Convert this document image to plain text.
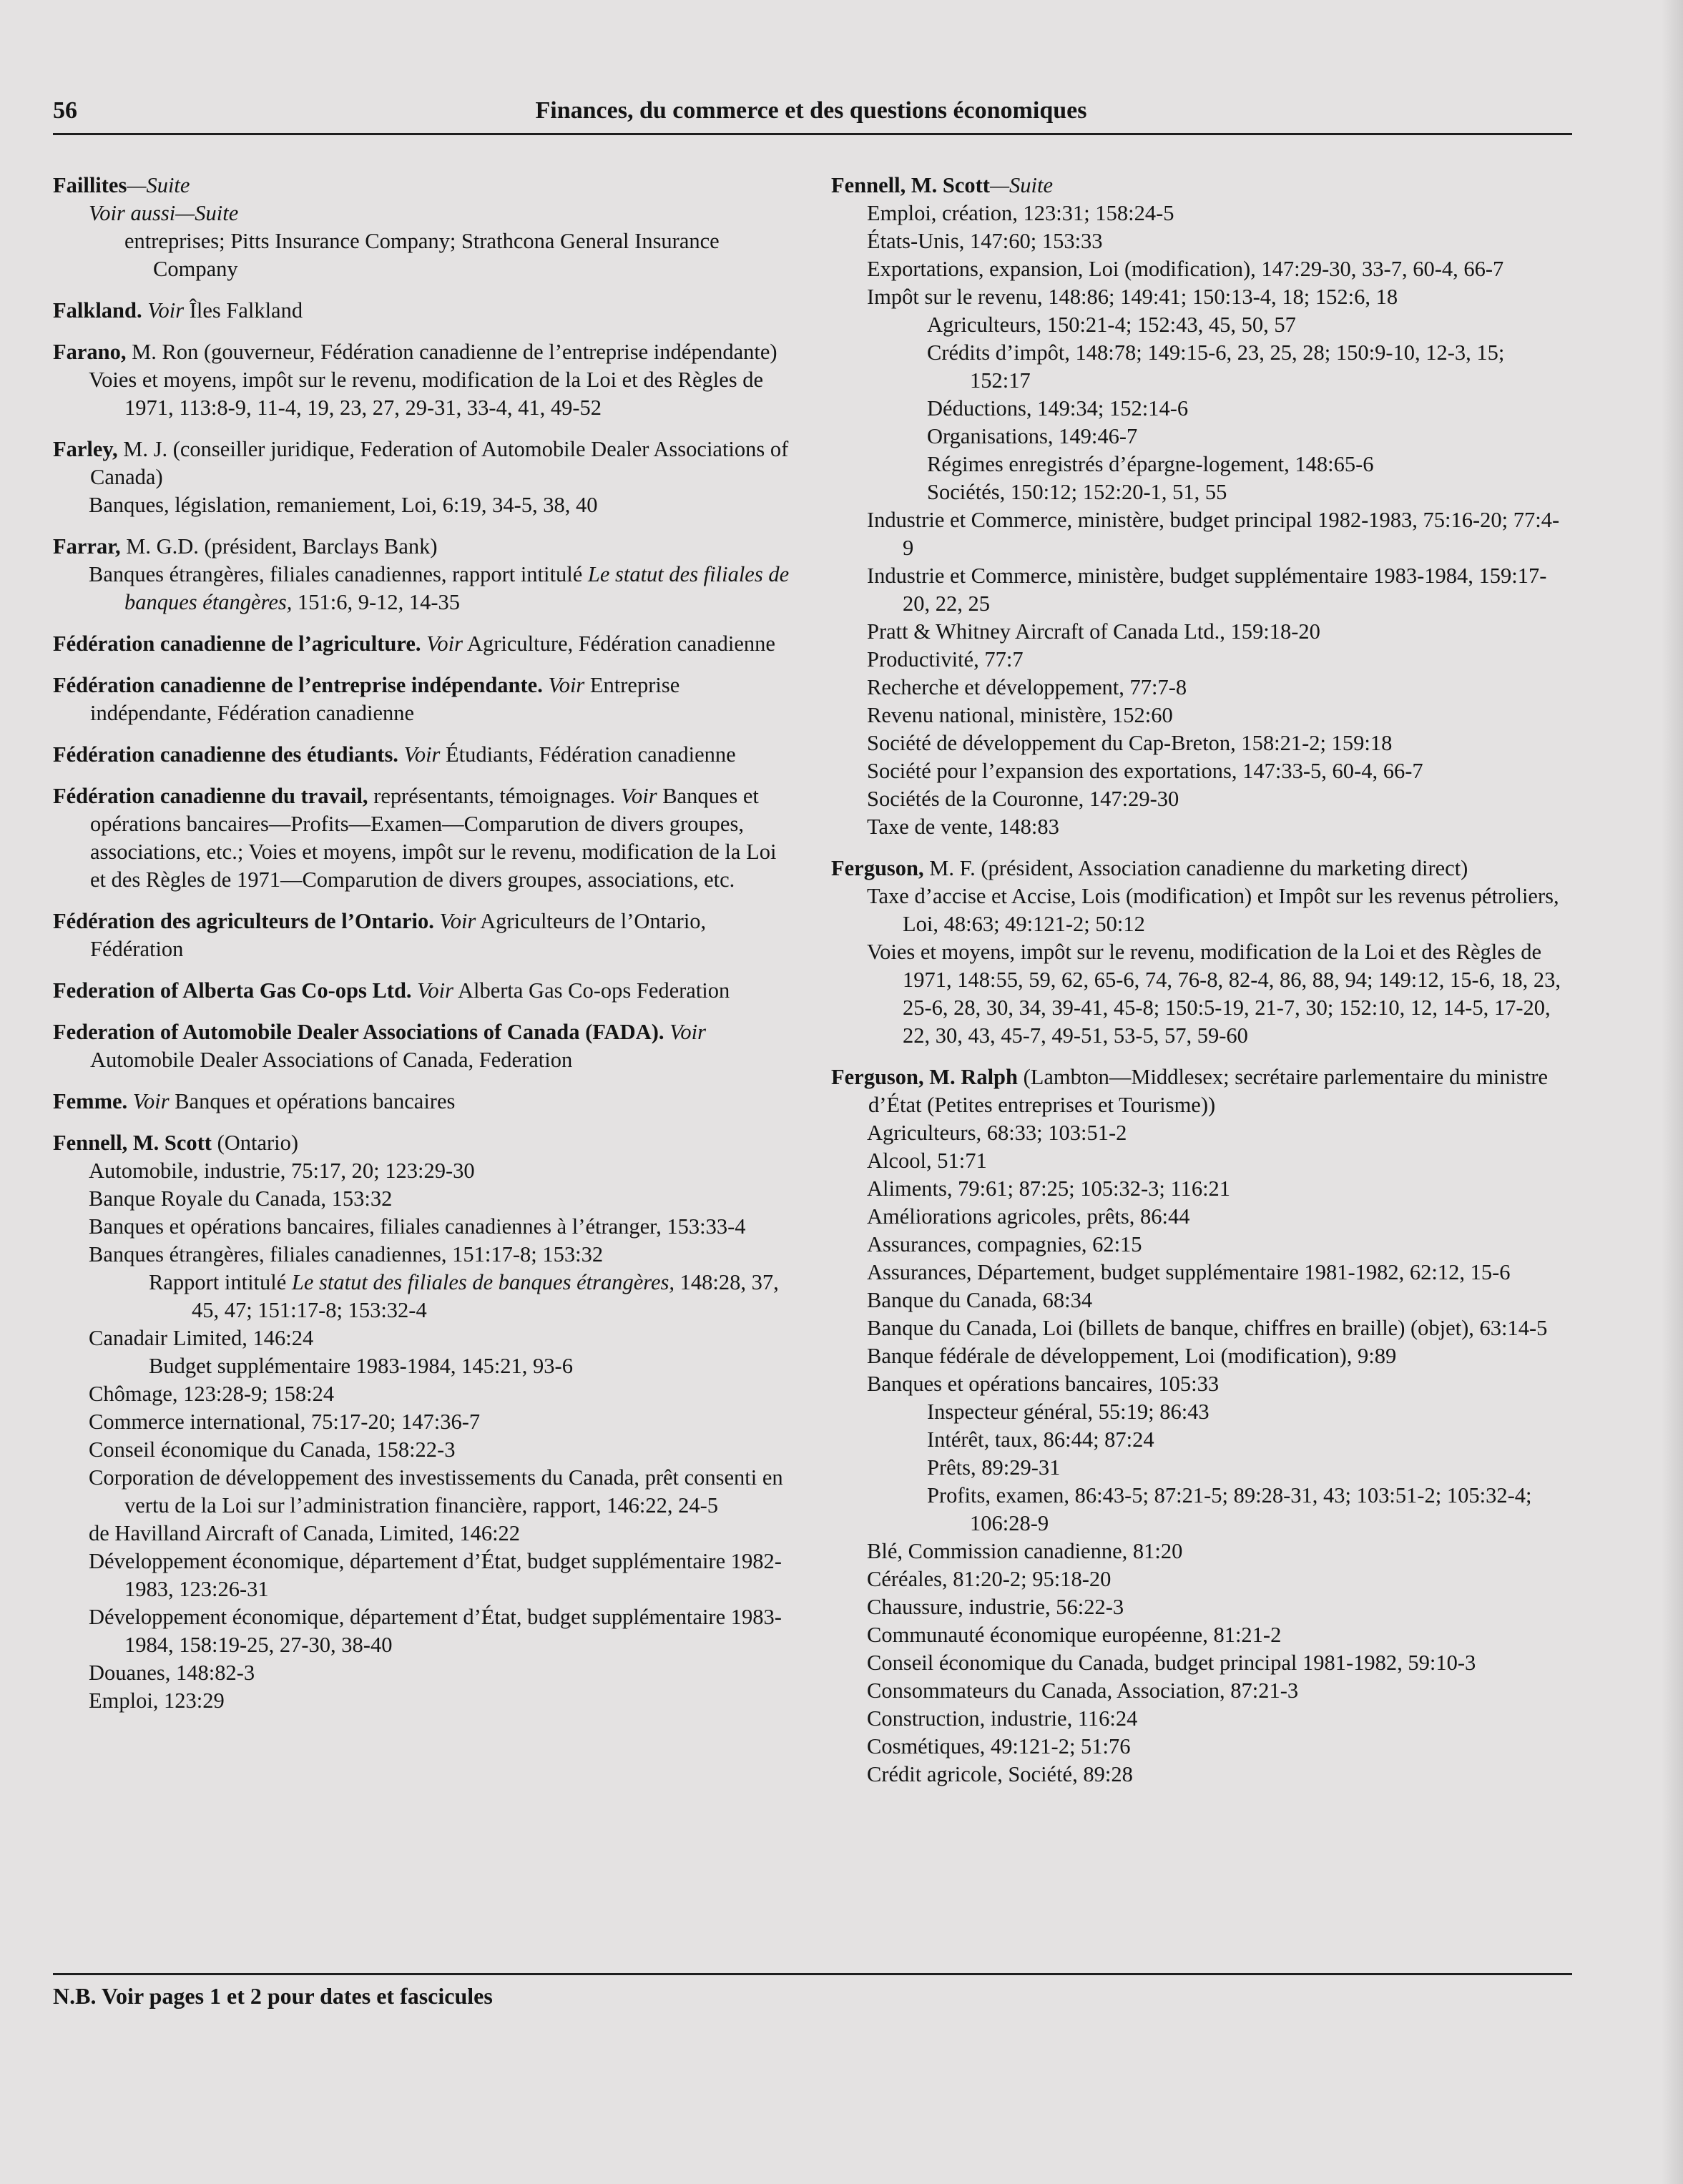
56	Finances, du commerce et des questions économiques
Faillites—Suite
Voir aussi—Suite
entreprises; Pitts Insurance Company; Strathcona General Insurance Company
Falkland. Voir Îles Falkland
Farano, M. Ron (gouverneur, Fédération canadienne de l’entreprise indépendante)
Voies et moyens, impôt sur le revenu, modification de la Loi et des Règles de 1971, 113:8-9, 11-4, 19, 23, 27, 29-31, 33-4, 41, 49-52
Farley, M. J. (conseiller juridique, Federation of Automobile Dealer Associations of Canada)
Banques, législation, remaniement, Loi, 6:19, 34-5, 38, 40
Farrar, M. G.D. (président, Barclays Bank)
Banques étrangères, filiales canadiennes, rapport intitulé Le statut des filiales de banques étangères, 151:6, 9-12, 14-35
Fédération canadienne de l’agriculture. Voir Agriculture, Fédération canadienne
Fédération canadienne de l’entreprise indépendante. Voir Entreprise indépendante, Fédération canadienne
Fédération canadienne des étudiants. Voir Étudiants, Fédération canadienne
Fédération canadienne du travail, représentants, témoignages. Voir Banques et opérations bancaires—Profits—Examen—Comparution de divers groupes, associations, etc.; Voies et moyens, impôt sur le revenu, modification de la Loi et des Règles de 1971—Comparution de divers groupes, associations, etc.
Fédération des agriculteurs de l’Ontario. Voir Agriculteurs de l’Ontario, Fédération
Federation of Alberta Gas Co-ops Ltd. Voir Alberta Gas Co-ops Federation
Federation of Automobile Dealer Associations of Canada (FADA). Voir Automobile Dealer Associations of Canada, Federation
Femme. Voir Banques et opérations bancaires
Fennell, M. Scott (Ontario)
Automobile, industrie, 75:17, 20; 123:29-30
Banque Royale du Canada, 153:32
Banques et opérations bancaires, filiales canadiennes à l’étranger, 153:33-4
Banques étrangères, filiales canadiennes, 151:17-8; 153:32
Rapport intitulé Le statut des filiales de banques étrangères, 148:28, 37, 45, 47; 151:17-8; 153:32-4
Canadair Limited, 146:24
Budget supplémentaire 1983-1984, 145:21, 93-6
Chômage, 123:28-9; 158:24
Commerce international, 75:17-20; 147:36-7
Conseil économique du Canada, 158:22-3
Corporation de développement des investissements du Canada, prêt consenti en vertu de la Loi sur l’administration financière, rapport, 146:22, 24-5
de Havilland Aircraft of Canada, Limited, 146:22
Développement économique, département d’État, budget supplémentaire 1982-1983, 123:26-31
Développement économique, département d’État, budget supplémentaire 1983-1984, 158:19-25, 27-30, 38-40
Douanes, 148:82-3
Emploi, 123:29
Fennell, M. Scott—Suite
Emploi, création, 123:31; 158:24-5
États-Unis, 147:60; 153:33
Exportations, expansion, Loi (modification), 147:29-30, 33-7, 60-4, 66-7
Impôt sur le revenu, 148:86; 149:41; 150:13-4, 18; 152:6, 18
Agriculteurs, 150:21-4; 152:43, 45, 50, 57
Crédits d’impôt, 148:78; 149:15-6, 23, 25, 28; 150:9-10, 12-3, 15; 152:17
Déductions, 149:34; 152:14-6
Organisations, 149:46-7
Régimes enregistrés d’épargne-logement, 148:65-6
Sociétés, 150:12; 152:20-1, 51, 55
Industrie et Commerce, ministère, budget principal 1982-1983, 75:16-20; 77:4-9
Industrie et Commerce, ministère, budget supplémentaire 1983-1984, 159:17-20, 22, 25
Pratt & Whitney Aircraft of Canada Ltd., 159:18-20
Productivité, 77:7
Recherche et développement, 77:7-8
Revenu national, ministère, 152:60
Société de développement du Cap-Breton, 158:21-2; 159:18
Société pour l’expansion des exportations, 147:33-5, 60-4, 66-7
Sociétés de la Couronne, 147:29-30
Taxe de vente, 148:83
Ferguson, M. F. (président, Association canadienne du marketing direct)
Taxe d’accise et Accise, Lois (modification) et Impôt sur les revenus pétroliers, Loi, 48:63; 49:121-2; 50:12
Voies et moyens, impôt sur le revenu, modification de la Loi et des Règles de 1971, 148:55, 59, 62, 65-6, 74, 76-8, 82-4, 86, 88, 94; 149:12, 15-6, 18, 23, 25-6, 28, 30, 34, 39-41, 45-8; 150:5-19, 21-7, 30; 152:10, 12, 14-5, 17-20, 22, 30, 43, 45-7, 49-51, 53-5, 57, 59-60
Ferguson, M. Ralph (Lambton—Middlesex; secrétaire parlementaire du ministre d’État (Petites entreprises et Tourisme))
Agriculteurs, 68:33; 103:51-2
Alcool, 51:71
Aliments, 79:61; 87:25; 105:32-3; 116:21
Améliorations agricoles, prêts, 86:44
Assurances, compagnies, 62:15
Assurances, Département, budget supplémentaire 1981-1982, 62:12, 15-6
Banque du Canada, 68:34
Banque du Canada, Loi (billets de banque, chiffres en braille) (objet), 63:14-5
Banque fédérale de développement, Loi (modification), 9:89
Banques et opérations bancaires, 105:33
Inspecteur général, 55:19; 86:43
Intérêt, taux, 86:44; 87:24
Prêts, 89:29-31
Profits, examen, 86:43-5; 87:21-5; 89:28-31, 43; 103:51-2; 105:32-4; 106:28-9
Blé, Commission canadienne, 81:20
Céréales, 81:20-2; 95:18-20
Chaussure, industrie, 56:22-3
Communauté économique européenne, 81:21-2
Conseil économique du Canada, budget principal 1981-1982, 59:10-3
Consommateurs du Canada, Association, 87:21-3
Construction, industrie, 116:24
Cosmétiques, 49:121-2; 51:76
Crédit agricole, Société, 89:28
N.B. Voir pages 1 et 2 pour dates et fascicules
